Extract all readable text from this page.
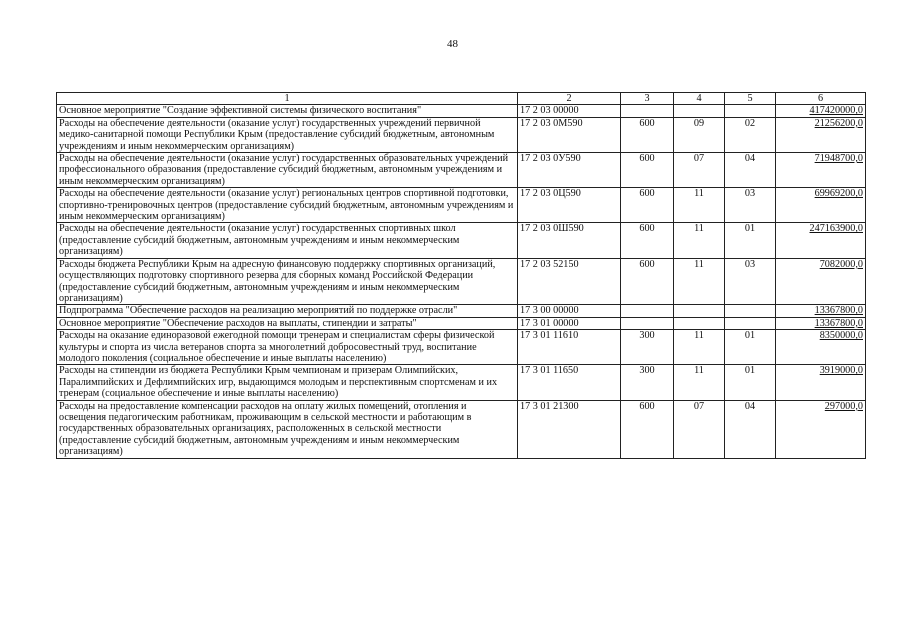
48
1	2	3	4	5	6
Основное мероприятие "Создание эффективной системы физического воспитания"	17 2 03 00000				417420000,0
Расходы на обеспечение деятельности (оказание услуг) государственных учреждений первичной медико-санитарной помощи Республики Крым (предоставление субсидий бюджетным, автономным учреждениям и иным некоммерческим организациям)	17 2 03 0М590	600	09	02	21256200,0
Расходы на обеспечение деятельности (оказание услуг) государственных образовательных учреждений профессионального образования (предоставление субсидий бюджетным, автономным учреждениям и иным некоммерческим организациям)	17 2 03 0У590	600	07	04	71948700,0
Расходы на обеспечение деятельности (оказание услуг) региональных центров спортивной подготовки, спортивно-тренировочных центров (предоставление субсидий бюджетным, автономным учреждениям и иным некоммерческим организациям)	17 2 03 0Ц590	600	11	03	69969200,0
Расходы на обеспечение деятельности (оказание услуг) государственных спортивных школ (предоставление субсидий бюджетным, автономным учреждениям и иным некоммерческим организациям)	17 2 03 0Ш590	600	11	01	247163900,0
Расходы бюджета Республики Крым на адресную финансовую поддержку спортивных организаций, осуществляющих подготовку спортивного резерва для сборных команд Российской Федерации (предоставление субсидий бюджетным, автономным учреждениям и иным некоммерческим организациям)	17 2 03 52150	600	11	03	7082000,0
Подпрограмма "Обеспечение расходов на реализацию мероприятий по поддержке отрасли"	17 3 00 00000				13367800,0
Основное мероприятие "Обеспечение расходов на выплаты, стипендии и затраты"	17 3 01 00000				13367800,0
Расходы на оказание единоразовой ежегодной помощи тренерам и специалистам сферы физической культуры и спорта из числа ветеранов спорта за многолетний добросовестный труд, воспитание молодого поколения (социальное обеспечение и иные выплаты населению)	17 3 01 11610	300	11	01	8350000,0
Расходы на стипендии из бюджета Республики Крым чемпионам и призерам Олимпийских, Паралимпийских и Дефлимпийских игр, выдающимся молодым и перспективным спортсменам и их тренерам (социальное обеспечение и иные выплаты населению)	17 3 01 11650	300	11	01	3919000,0
Расходы на предоставление компенсации расходов на оплату жилых помещений, отопления и освещения педагогическим работникам, проживающим в сельской местности и работающим в государственных образовательных организациях, расположенных в сельской местности (предоставление субсидий бюджетным, автономным учреждениям и иным некоммерческим организациям)	17 3 01 21300	600	07	04	297000,0
